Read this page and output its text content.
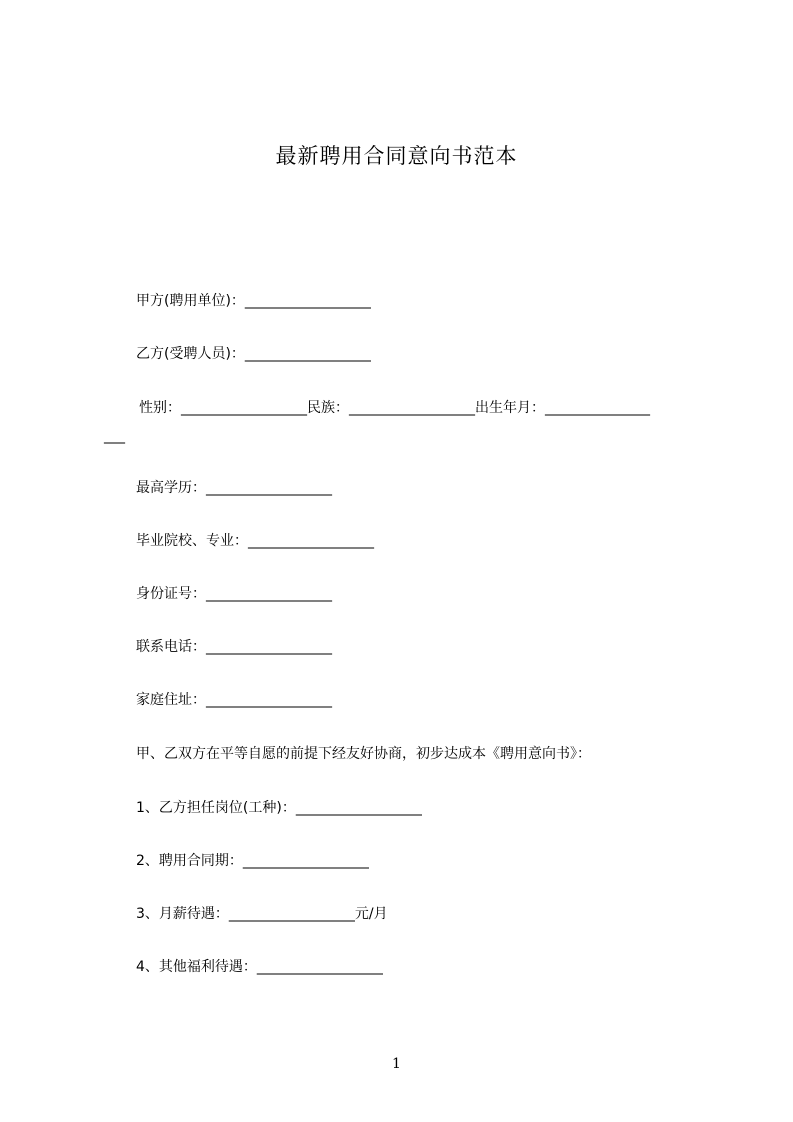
最新聘用合同意向书范本
甲方(聘用单位)：__________________
乙方(受聘人员)：__________________
性别：__________________民族：__________________出生年月：_______________
___
最高学历：__________________
毕业院校、专业：__________________
身份证号：__________________
联系电话：__________________
家庭住址：__________________
甲、乙双方在平等自愿的前提下经友好协商，初步达成本《聘用意向书》：
1、乙方担任岗位(工种)：__________________
2、聘用合同期：__________________
3、月薪待遇：__________________元/月
4、其他福利待遇：__________________
1
